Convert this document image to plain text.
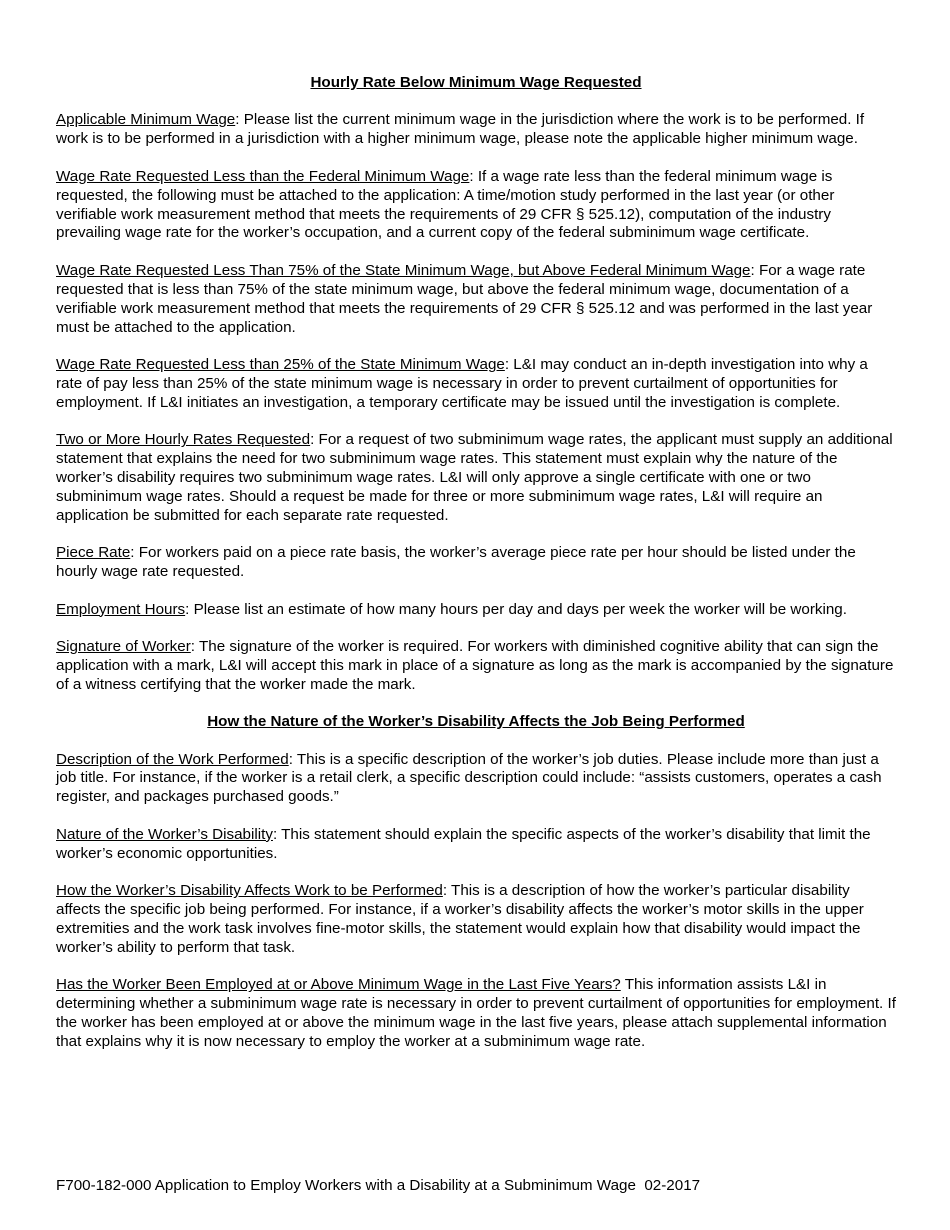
Hourly Rate Below Minimum Wage Requested

Applicable Minimum Wage: Please list the current minimum wage in the jurisdiction where the work is to be performed. If work is to be performed in a jurisdiction with a higher minimum wage, please note the applicable higher minimum wage.

Wage Rate Requested Less than the Federal Minimum Wage: If a wage rate less than the federal minimum wage is requested, the following must be attached to the application: A time/motion study performed in the last year (or other verifiable work measurement method that meets the requirements of 29 CFR § 525.12), computation of the industry prevailing wage rate for the worker’s occupation, and a current copy of the federal subminimum wage certificate.

Wage Rate Requested Less Than 75% of the State Minimum Wage, but Above Federal Minimum Wage: For a wage rate requested that is less than 75% of the state minimum wage, but above the federal minimum wage, documentation of a verifiable work measurement method that meets the requirements of 29 CFR § 525.12 and was performed in the last year must be attached to the application.

Wage Rate Requested Less than 25% of the State Minimum Wage: L&I may conduct an in-depth investigation into why a rate of pay less than 25% of the state minimum wage is necessary in order to prevent curtailment of opportunities for employment. If L&I initiates an investigation, a temporary certificate may be issued until the investigation is complete.

Two or More Hourly Rates Requested: For a request of two subminimum wage rates, the applicant must supply an additional statement that explains the need for two subminimum wage rates. This statement must explain why the nature of the worker’s disability requires two subminimum wage rates. L&I will only approve a single certificate with one or two subminimum wage rates. Should a request be made for three or more subminimum wage rates, L&I will require an application be submitted for each separate rate requested.

Piece Rate: For workers paid on a piece rate basis, the worker’s average piece rate per hour should be listed under the hourly wage rate requested.

Employment Hours: Please list an estimate of how many hours per day and days per week the worker will be working.

Signature of Worker: The signature of the worker is required. For workers with diminished cognitive ability that can sign the application with a mark, L&I will accept this mark in place of a signature as long as the mark is accompanied by the signature of a witness certifying that the worker made the mark.

How the Nature of the Worker’s Disability Affects the Job Being Performed

Description of the Work Performed: This is a specific description of the worker’s job duties. Please include more than just a job title. For instance, if the worker is a retail clerk, a specific description could include: “assists customers, operates a cash register, and packages purchased goods.”

Nature of the Worker’s Disability: This statement should explain the specific aspects of the worker’s disability that limit the worker’s economic opportunities.

How the Worker’s Disability Affects Work to be Performed: This is a description of how the worker’s particular disability affects the specific job being performed. For instance, if a worker’s disability affects the worker’s motor skills in the upper extremities and the work task involves fine-motor skills, the statement would explain how that disability would impact the worker’s ability to perform that task.

Has the Worker Been Employed at or Above Minimum Wage in the Last Five Years? This information assists L&I in determining whether a subminimum wage rate is necessary in order to prevent curtailment of opportunities for employment. If the worker has been employed at or above the minimum wage in the last five years, please attach supplemental information that explains why it is now necessary to employ the worker at a subminimum wage rate.

F700-182-000 Application to Employ Workers with a Disability at a Subminimum Wage  02-2017
